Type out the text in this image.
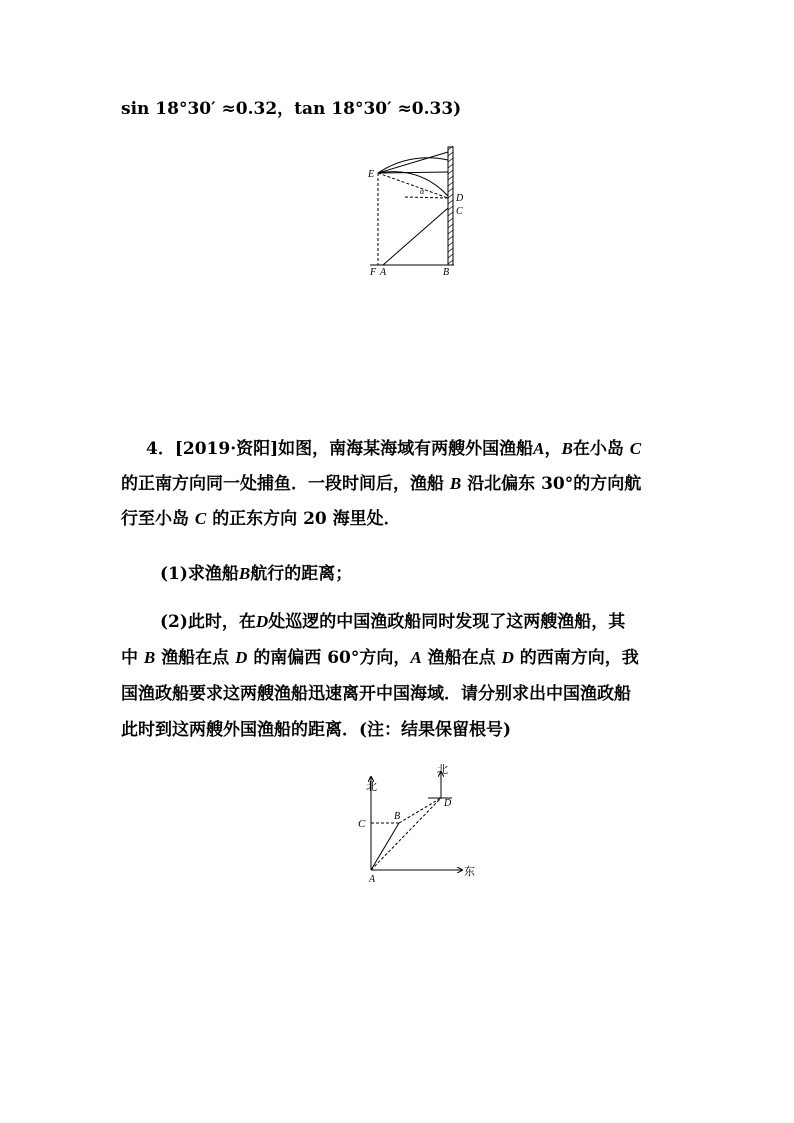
sin 18°30′ ≈0.32，tan 18°30′ ≈0.33)
E
D
C
α
F A	B
4．[2019·资阳]如图，南海某海域有两艘外国渔船A，B在小岛 C
的正南方向同一处捕鱼．一段时间后，渔船 B 沿北偏东 30°的方向航
行至小岛 C 的正东方向 20 海里处．
(1)求渔船B航行的距离；
(2)此时，在D处巡逻的中国渔政船同时发现了这两艘渔船，其
中 B 渔船在点 D 的南偏西 60°方向，A 渔船在点 D 的西南方向，我
国渔政船要求这两艘渔船迅速离开中国海域．请分别求出中国渔政船
此时到这两艘外国渔船的距离．(注：结果保留根号)
北
北
东
C
B
D
A
